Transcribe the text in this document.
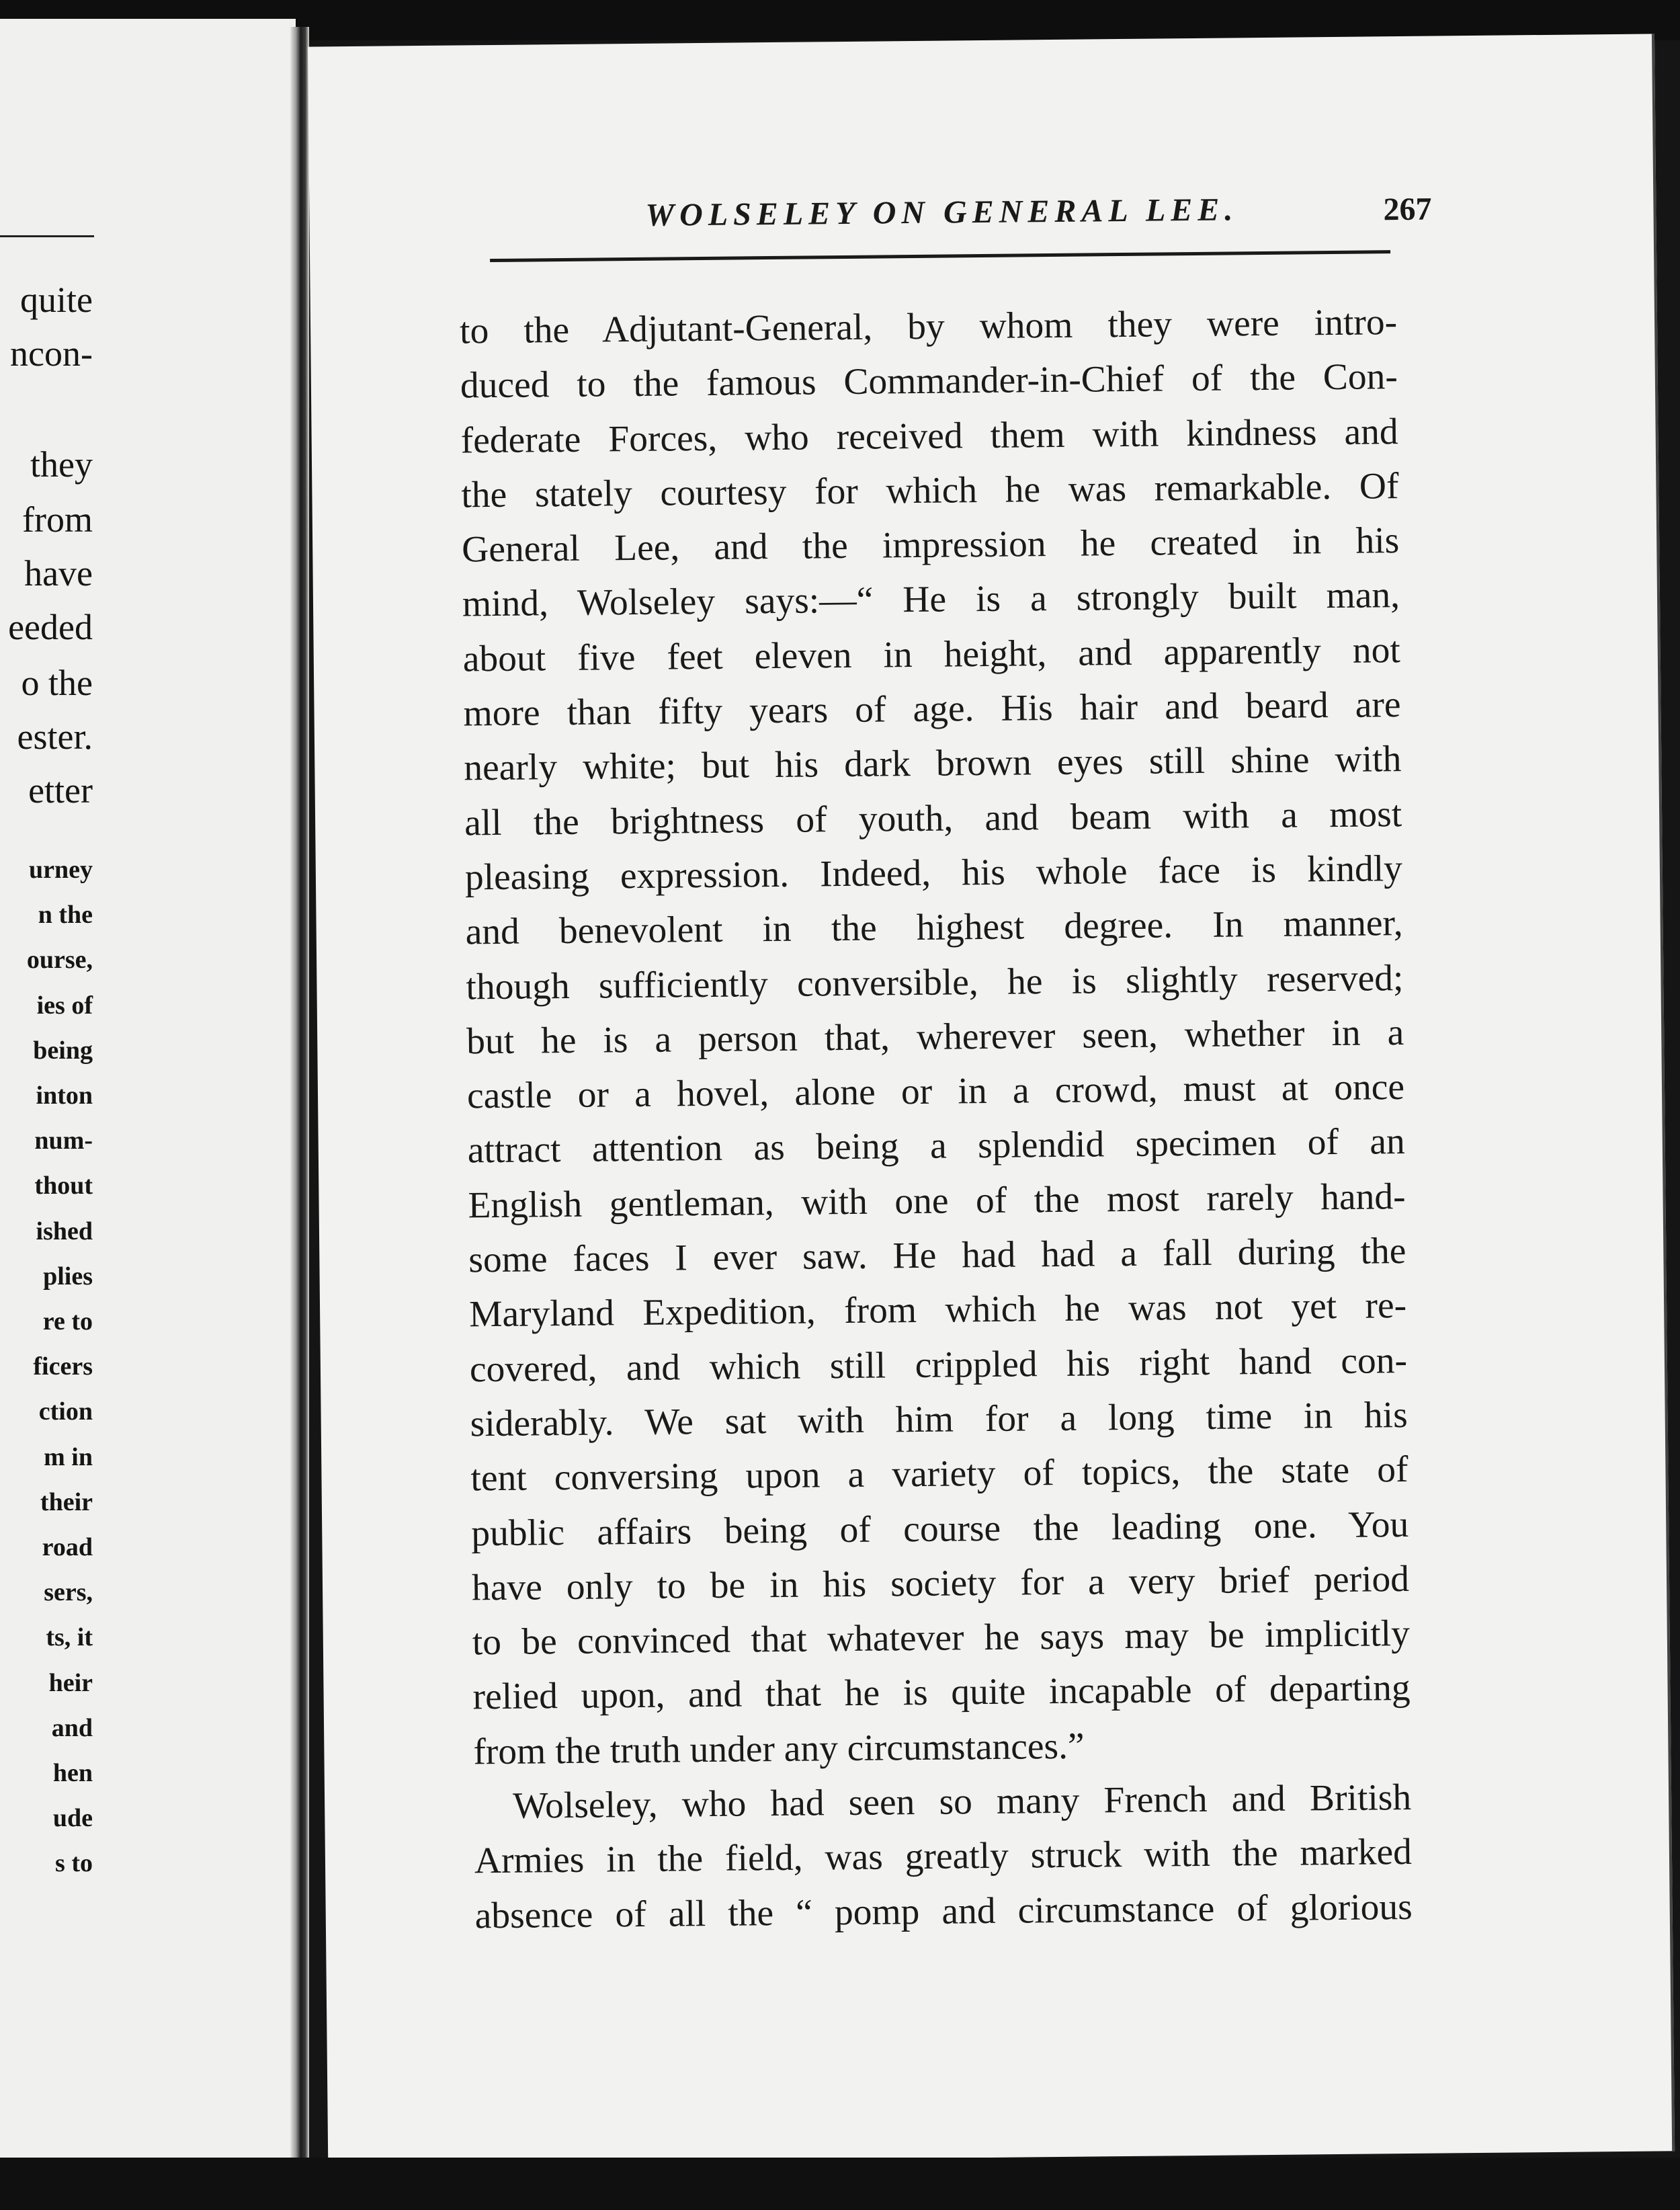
quite
ncon-
they
from
have
eeded
o the
ester.
etter
urney
n the
ourse,
ies of
being
inton
num-
thout
ished
plies
re to
ficers
ction
m in
their
road
sers,
ts, it
heir
and
hen
ude
s to
WOLSELEY ON GENERAL LEE.	267
to the Adjutant-General, by whom they were intro-
duced to the famous Commander-in-Chief of the Con-
federate Forces, who received them with kindness and
the stately courtesy for which he was remarkable. Of
General Lee, and the impression he created in his
mind, Wolseley says:—“ He is a strongly built man,
about five feet eleven in height, and apparently not
more than fifty years of age. His hair and beard are
nearly white; but his dark brown eyes still shine with
all the brightness of youth, and beam with a most
pleasing expression. Indeed, his whole face is kindly
and benevolent in the highest degree. In manner,
though sufficiently conversible, he is slightly reserved;
but he is a person that, wherever seen, whether in a
castle or a hovel, alone or in a crowd, must at once
attract attention as being a splendid specimen of an
English gentleman, with one of the most rarely hand-
some faces I ever saw. He had had a fall during the
Maryland Expedition, from which he was not yet re-
covered, and which still crippled his right hand con-
siderably. We sat with him for a long time in his
tent conversing upon a variety of topics, the state of
public affairs being of course the leading one. You
have only to be in his society for a very brief period
to be convinced that whatever he says may be implicitly
relied upon, and that he is quite incapable of departing
from the truth under any circumstances.”
Wolseley, who had seen so many French and British
Armies in the field, was greatly struck with the marked
absence of all the “ pomp and circumstance of glorious
